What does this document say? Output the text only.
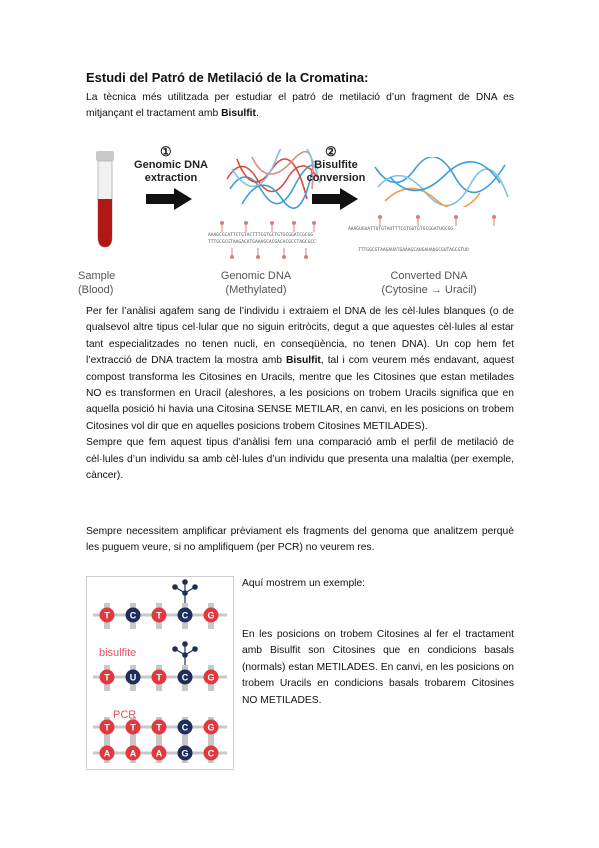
Estudi del Patró de Metilació de la Cromatina:
La tècnica més utilitzada per estudiar el patró de metilació d’un fragment de DNA es mitjançant el tractament amb Bisulfit.
①
Genomic DNA
extraction
AAAGCGCATTCTGTACTTTCGTGCTGTGCGGATCGCGG
TTTGCGCGTAAGACATGAAAGCACGACACGCCTAGCGCC
②
Bisulfite
conversion
AAAGUGUATTUTGTAUTTTCGTGUTGTGCGGATUGCGG
TTTGGCGTAAGAUATGAAAGCAUGAUAUGCGUTAGCGTUU
Sample
(Blood)
Genomic DNA
(Methylated)
Converted DNA
(Cytosine → Uracil)
Per fer l’anàlisi agafem sang de l’individu i extraiem el DNA de les cèl·lules blanques (o de qualsevol altre tipus cel·lular que no siguin eritròcits, degut a que aquestes cèl·lules al estar tant especialitzades no tenen nucli, en conseqüència, no tenen DNA). Un cop hem fet l’extracció de DNA tractem la mostra amb Bisulfit, tal i com veurem més endavant, aquest compost transforma les Citosines en Uracils, mentre que les Citosines que estan metilades NO es transformen en Uracil (aleshores, a les posicions on trobem Uracils significa que en aquella posició hi havia una Citosina SENSE METILAR, en canvi, en les posicions on trobem Citosines vol dir que en aquelles posicions trobem Citosines METILADES).
Sempre que fem aquest tipus d’anàlisi fem una comparació amb el perfil de metilació de cèl·lules d’un individu sa amb cèl·lules d’un individu que presenta una malaltia (per exemple, càncer).
Sempre necessitem amplificar prèviament els fragments del genoma que analitzem perquè les puguem veure, si no amplifiquem (per PCR) no veurem res.
T C T C G
T U T C G
T T T C G
A A A G C
bisulfite
PCR
Aquí mostrem un exemple:
En les posicions on trobem Citosines al fer el tractament amb Bisulfit son Citosines que en condicions basals (normals) estan METILADES. En canvi, en les posicions on trobem Uracils en condicions basals trobarem Citosines NO METILADES.
